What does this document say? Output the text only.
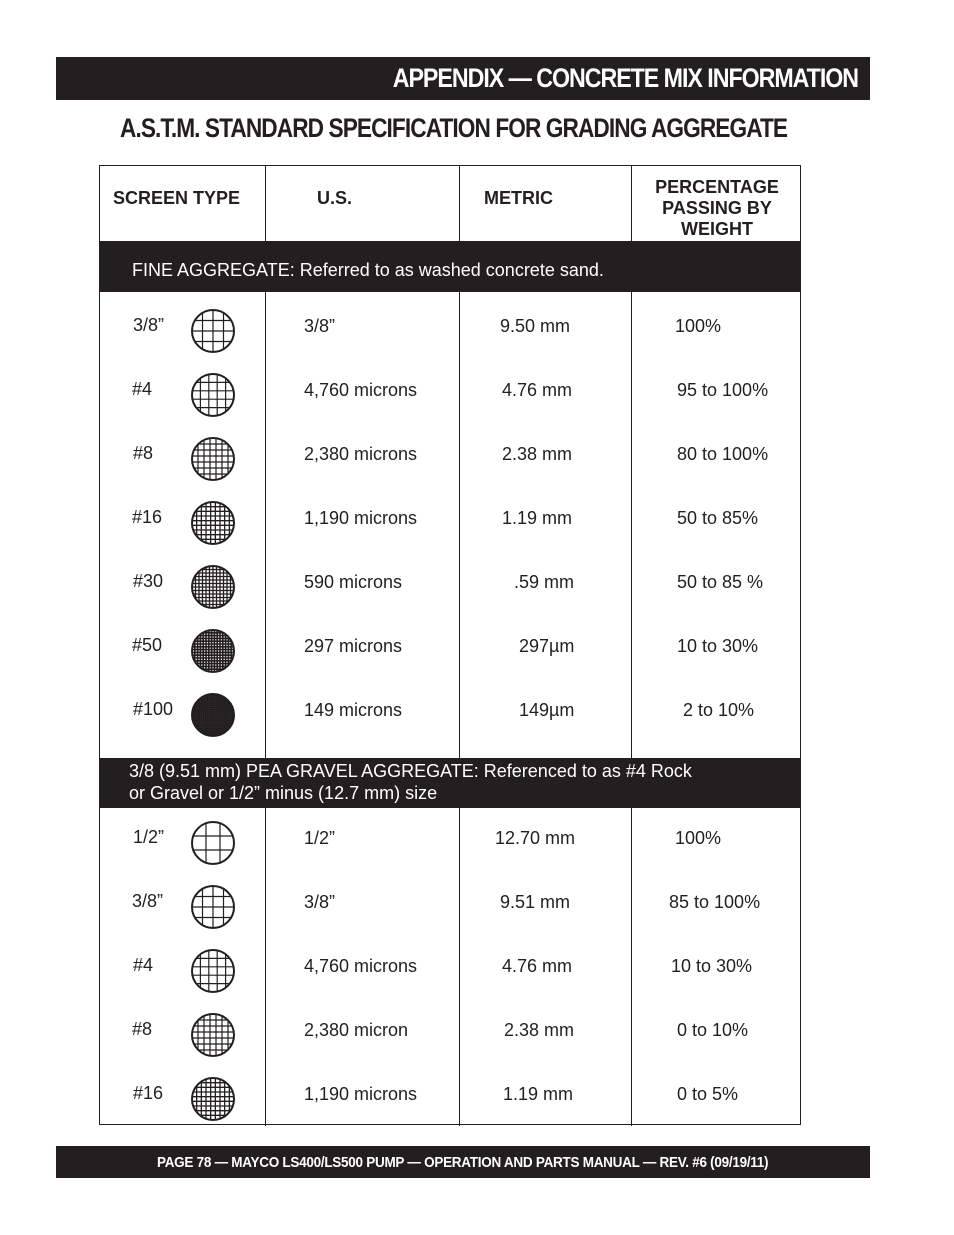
APPENDIX — CONCRETE MIX INFORMATION
A.S.T.M. STANDARD SPECIFICATION FOR GRADING AGGREGATE
SCREEN TYPE	U.S.	METRIC
PERCENTAGE
PASSING BY
WEIGHT
FINE AGGREGATE: Referred to as washed concrete sand.
3/8 (9.51 mm) PEA GRAVEL AGGREGATE: Referenced to as #4 Rock
or Gravel or 1/2” minus (12.7 mm) size
3/8”	3/8”	9.50 mm	100%
#4	4,760 microns	4.76 mm	95 to 100%
#8	2,380 microns	2.38 mm	80 to 100%
#16	1,190 microns	1.19 mm	50 to 85%
#30	590 microns	.59 mm	50 to 85 %
#50	297 microns	297µm	10 to 30%
#100	149 microns	149µm	2 to 10%
1/2”	1/2”	12.70 mm	100%
3/8”	3/8”	9.51 mm	85 to 100%
#4	4,760 microns	4.76 mm	10 to 30%
#8	2,380 micron	2.38 mm	0 to 10%
#16	1,190 microns	1.19 mm	0 to 5%
PAGE 78 — MAYCO LS400/LS500 PUMP — OPERATION AND PARTS MANUAL — REV. #6 (09/19/11)
